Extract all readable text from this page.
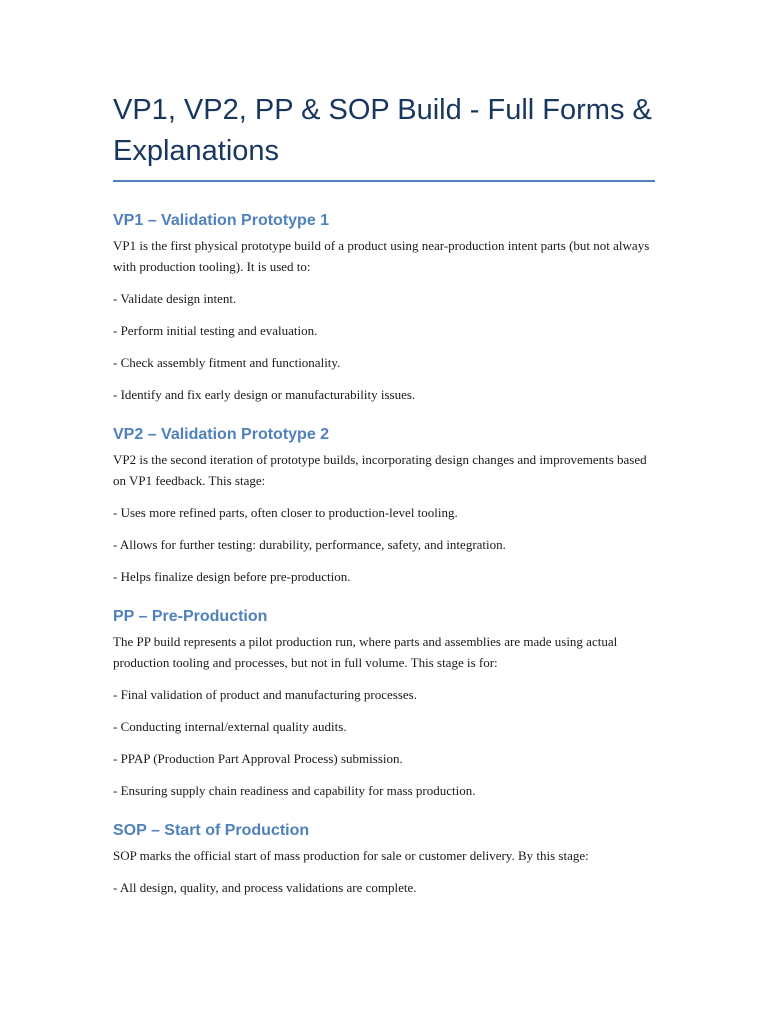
VP1, VP2, PP & SOP Build - Full Forms & Explanations
VP1 – Validation Prototype 1

VP1 is the first physical prototype build of a product using near-production intent parts (but not always with production tooling). It is used to:

- Validate design intent.

- Perform initial testing and evaluation.

- Check assembly fitment and functionality.

- Identify and fix early design or manufacturability issues.

VP2 – Validation Prototype 2

VP2 is the second iteration of prototype builds, incorporating design changes and improvements based on VP1 feedback. This stage:

- Uses more refined parts, often closer to production-level tooling.

- Allows for further testing: durability, performance, safety, and integration.

- Helps finalize design before pre-production.

PP – Pre-Production

The PP build represents a pilot production run, where parts and assemblies are made using actual production tooling and processes, but not in full volume. This stage is for:

- Final validation of product and manufacturing processes.

- Conducting internal/external quality audits.

- PPAP (Production Part Approval Process) submission.

- Ensuring supply chain readiness and capability for mass production.

SOP – Start of Production

SOP marks the official start of mass production for sale or customer delivery. By this stage:

- All design, quality, and process validations are complete.
